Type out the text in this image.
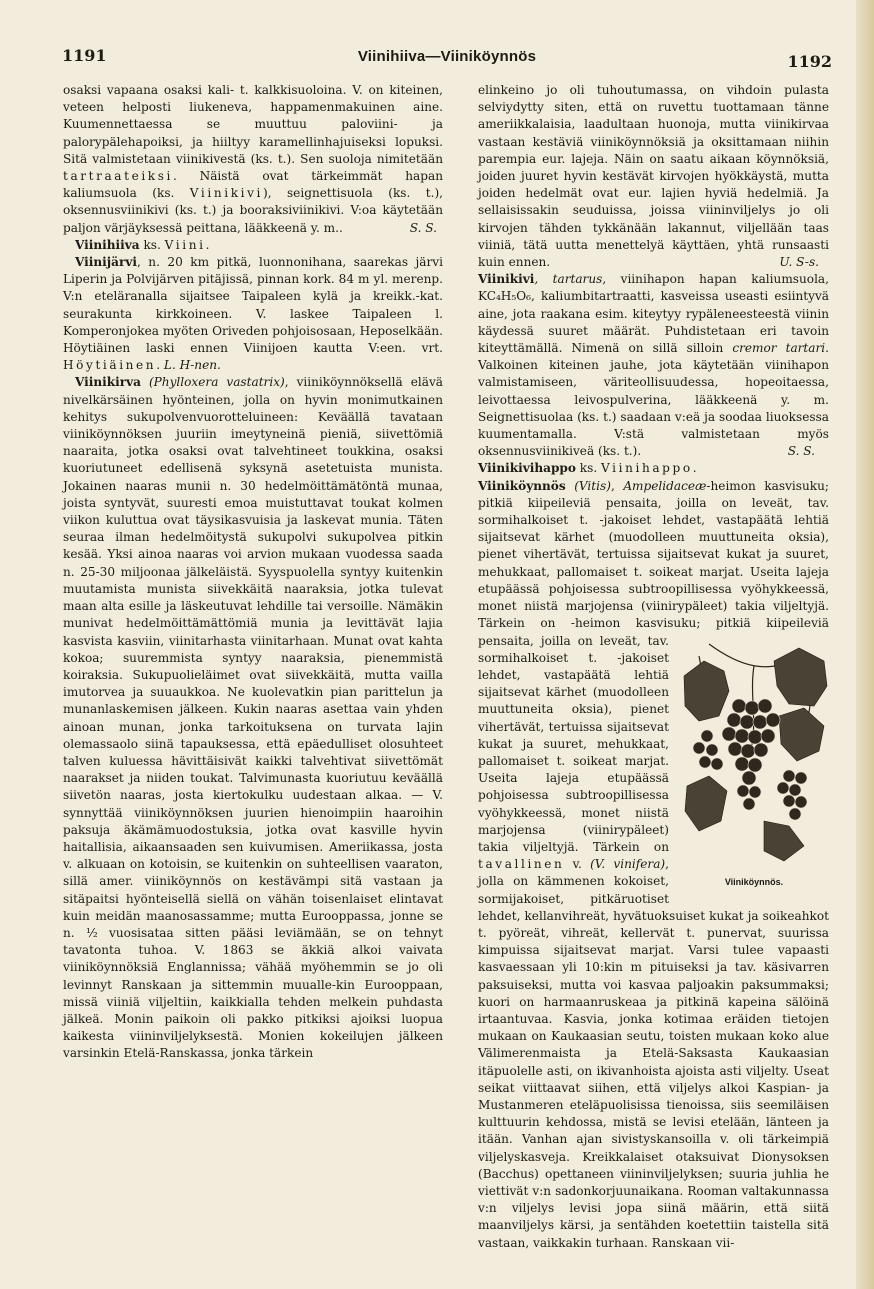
1191	Viinihiiva—Viiniköynnös	1192

osaksi vapaana osaksi kali- t. kalkkisuoloina. V. on kiteinen, veteen helposti liukeneva, happamenmakuinen aine. Kuumennettaessa se muuttuu paloviini- ja palorypälehapoiksi, ja hiiltyy karamellinhajuiseksi lopuksi. Sitä valmistetaan viinikivestä (ks. t.). Sen suoloja nimitetään tartraateiksi. Näistä ovat tärkeimmät hapan kaliumsuola (ks. Viinikivi), seignettisuola (ks. t.), oksennusviinikivi (ks. t.) ja booraksiviinikivi. V:oa käytetään paljon värjäyksessä peittana, lääkkeenä y. m..	S. S.

Viinihiiva ks. Viini.

Viinijärvi, n. 20 km pitkä, luonnonihana, saarekas järvi Liperin ja Polvijärven pitäjissä, pinnan kork. 84 m yl. merenp. V:n eteläranalla sijaitsee Taipaleen kylä ja kreikk.-kat. seurakunta kirkkoineen. V. laskee Taipaleen l. Komperonjokea myöten Oriveden pohjoisosaan, Heposelkään. Höytiäinen laski ennen Viinijoen kautta V:een. vrt. Höytiäinen. L. H-nen.

Viinikirva (Phylloxera vastatrix), viiniköynnöksellä elävä nivelkärsäinen hyönteinen, jolla on hyvin monimutkainen kehitys sukupolvenvuorotteluineen: Keväällä tavataan viiniköynnöksen juuriin imeytyneinä pieniä, siivettömiä naaraita, jotka osaksi ovat talvehtineet toukkina, osaksi kuoriutuneet edellisenä syksynä asetetuista munista. Jokainen naaras munii n. 30 hedelmöittämätöntä munaa, joista syntyvät, suuresti emoa muistuttavat toukat kolmen viikon kuluttua ovat täysikasvuisia ja laskevat munia. Täten seuraa ilman hedelmöitystä sukupolvi sukupolvea pitkin kesää. Yksi ainoa naaras voi arvion mukaan vuodessa saada n. 25-30 miljoonaa jälkeläistä. Syyspuolella syntyy kuitenkin muutamista munista siivekkäitä naaraksia, jotka tulevat maan alta esille ja läskeutuvat lehdille tai versoille. Nämäkin munivat hedelmöittämättömiä munia ja levittävät lajia kasvista kasviin, viinitarhasta viinitarhaan. Munat ovat kahta kokoa; suuremmista syntyy naaraksia, pienemmistä koiraksia. Sukupuolieläimet ovat siivekkäitä, mutta vailla imutorvea ja suuaukkoa. Ne kuolevatkin pian parittelun ja munanlaskemisen jälkeen. Kukin naaras asettaa vain yhden ainoan munan, jonka tarkoituksena on turvata lajin olemassaolo siinä tapauksessa, että epäedulliset olosuhteet talven kuluessa hävittäisivät kaikki talvehtivat siivettömät naarakset ja niiden toukat. Talvimunasta kuoriutuu keväällä siivetön naaras, josta kiertokulku uudestaan alkaa. — V. synnyttää viiniköynnöksen juurien hienoimpiin haaroihin paksuja äkämämuodostuksia, jotka ovat kasville hyvin haitallisia, aikaansaaden sen kuivumisen. Ameriikassa, josta v. alkuaan on kotoisin, se kuitenkin on suhteellisen vaaraton, sillä amer. viiniköynnös on kestävämpi sitä vastaan ja sitäpaitsi hyönteisellä siellä on vähän toisenlaiset elintavat kuin meidän maanosassamme; mutta Eurooppassa, jonne se n. ½ vuosisataa sitten pääsi leviämään, se on tehnyt tavatonta tuhoa. V. 1863 se äkkiä alkoi vaivata viiniköynnöksiä Englannissa; vähää myöhemmin se jo oli levinnyt Ranskaan ja sittemmin muualle-kin Eurooppaan, missä viiniä viljeltiin, kaikkialla tehden melkein puhdasta jälkeä. Monin paikoin oli pakko pitkiksi ajoiksi luopua kaikesta viininviljelyksestä. Monien kokeilujen jälkeen varsinkin Etelä-Ranskassa, jonka tärkein

elinkeino jo oli tuhoutumassa, on vihdoin pulasta selviydytty siten, että on ruvettu tuottamaan tänne ameriikkalaisia, laadultaan huonoja, mutta viinikirvaa vastaan kestäviä viiniköynnöksiä ja oksittamaan niihin parempia eur. lajeja. Näin on saatu aikaan köynnöksiä, joiden juuret hyvin kestävät kirvojen hyökkäystä, mutta joiden hedelmät ovat eur. lajien hyviä hedelmiä. Ja sellaisissakin seuduissa, joissa viininviljelys jo oli kirvojen tähden tykkänään lakannut, viljellään taas viiniä, tätä uutta menettelyä käyttäen, yhtä runsaasti kuin ennen.	U. S-s.

Viinikivi, tartarus, viinihapon hapan kaliumsuola, KC₄H₅O₆, kaliumbitartraatti, kasveissa useasti esiintyvä aine, jota raakana esim. kiteytyy rypäleneesteestä viinin käydessä suuret määrät. Puhdistetaan eri tavoin kiteyttämällä. Nimenä on sillä silloin cremor tartari. Valkoinen kiteinen jauhe, jota käytetään viinihapon valmistamiseen, väriteollisuudessa, hopeoitaessa, leivottaessa leivospulverina, lääkkeenä y. m. Seignettisuolaa (ks. t.) saadaan v:eä ja soodaa liuoksessa kuumentamalla. V:stä valmistetaan myös oksennusviinikiveä (ks. t.).	S. S.

Viinikivihappo ks. Viinihappo.

Viiniköynnös (Vitis), Ampelidaceæ-heimon kasvisuku; pitkiä kiipeileviä pensaita, joilla on leveät, tav. sormihalkoiset t. -jakoiset lehdet, vastapäätä lehtiä sijaitsevat kärhet (muodolleen muuttuneita oksia), pienet vihertävät, tertuissa sijaitsevat kukat ja suuret, mehukkaat, pallomaiset t. soikeat marjat. Useita lajeja etupäässä pohjoisessa subtroopillisessa vyöhykkeessä, monet niistä marjojensa (viinirypäleet) takia viljeltyjä. Tärkein on -heimon kasvisuku; pitkiä kiipeileviä pensaita, joilla on
Viiniköynnös.
leveät, tav. sormihalkoiset t. -jakoiset lehdet, vastapäätä lehtiä sijaitsevat kärhet (muodolleen muuttuneita oksia), pienet vihertävät, tertuissa sijaitsevat kukat ja suuret, mehukkaat, pallomaiset t. soikeat marjat. Useita lajeja etupäässä pohjoisessa subtroopillisessa vyöhykkeessä, monet niistä marjojensa (viinirypäleet) takia viljeltyjä. Tärkein on tavallinen v. (V. vinifera), jolla on kämmenen kokoiset, sormijakoiset, pitkäruotiset lehdet, kellanvihreät, hyvätuoksuiset kukat ja soikeahkot t. pyöreät, vihreät, kellervät t. punervat, suurissa kimpuissa sijaitsevat marjat. Varsi tulee vapaasti kasvaessaan yli 10:kin m pituiseksi ja tav. käsivarren paksuiseksi, mutta voi kasvaa paljoakin paksummaksi; kuori on harmaanruskeaa ja pitkinä kapeina sälöinä irtaantuvaa. Kasvia, jonka kotimaa eräiden tietojen mukaan on Kaukaasian seutu, toisten mukaan koko alue Välimerenmaista ja Etelä-Saksasta Kaukaasian itäpuolelle asti, on ikivanhoista ajoista asti viljelty. Useat seikat viittaavat siihen, että viljelys alkoi Kaspian- ja Mustanmeren eteläpuolisissa tienoissa, siis seemiläisen kulttuurin kehdossa, mistä se levisi etelään, länteen ja itään. Vanhan ajan sivistyskansoilla v. oli tärkeimpiä viljelyskasveja. Kreikkalaiset otaksuivat Dionysoksen (Bacchus) opettaneen viininviljelyksen; suuria juhlia he viettivät v:n sadonkorjuunaikana. Rooman valtakunnassa v:n viljelys levisi jopa siinä määrin, että siitä maanviljelys kärsi, ja sentähden koetettiin taistella sitä vastaan, vaikkakin turhaan. Ranskaan vii-
